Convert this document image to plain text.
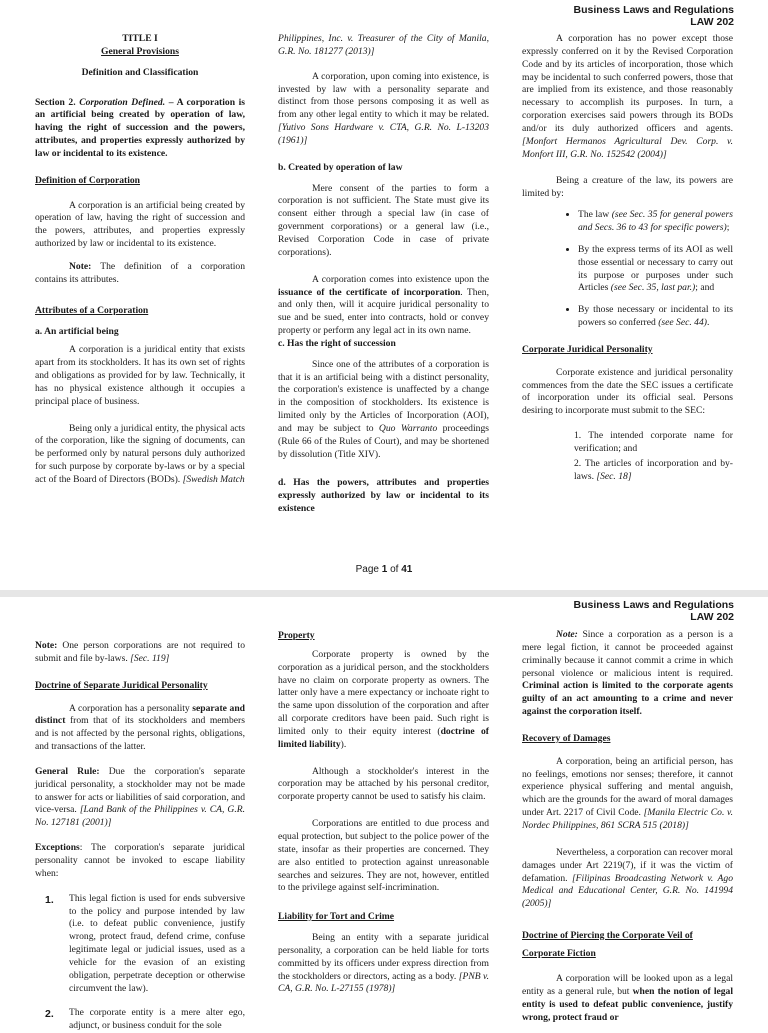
Business Laws and Regulations
LAW 202

TITLE I

General Provisions

Definition and Classification

Section 2. Corporation Defined. – A corporation is an artificial being created by operation of law, having the right of succession and the powers, attributes, and properties expressly authorized by law or incidental to its existence.

Definition of Corporation

A corporation is an artificial being created by operation of law, having the right of succession and the powers, attributes, and properties expressly authorized by law or incidental to its existence.

Note: The definition of a corporation contains its attributes.

Attributes of a Corporation

a. An artificial being

A corporation is a juridical entity that exists apart from its stockholders. It has its own set of rights and obligations as provided for by law. Technically, it has no physical existence although it occupies a principal place of business.

Being only a juridical entity, the physical acts of the corporation, like the signing of documents, can be performed only by natural persons duly authorized for such purpose by corporate by-laws or by a special act of the Board of Directors (BODs). [Swedish Match

Philippines, Inc. v. Treasurer of the City of Manila, G.R. No. 181277 (2013)]

A corporation, upon coming into existence, is invested by law with a personality separate and distinct from those persons composing it as well as from any other legal entity to which it may be related. [Yutivo Sons Hardware v. CTA, G.R. No. L-13203 (1961)]

b. Created by operation of law

Mere consent of the parties to form a corporation is not sufficient. The State must give its consent either through a special law (in case of government corporations) or a general law (i.e., Revised Corporation Code in case of private corporations).

A corporation comes into existence upon the issuance of the certificate of incorporation. Then, and only then, will it acquire juridical personality to sue and be sued, enter into contracts, hold or convey property or perform any legal act in its own name.

c. Has the right of succession

Since one of the attributes of a corporation is that it is an artificial being with a distinct personality, the corporation's existence is unaffected by a change in the composition of stockholders. Its existence is limited only by the Articles of Incorporation (AOI), and may be subject to Quo Warranto proceedings (Rule 66 of the Rules of Court), and may be shortened by dissolution (Title XIV).

d. Has the powers, attributes and properties expressly authorized by law or incidental to its existence

A corporation has no power except those expressly conferred on it by the Revised Corporation Code and by its articles of incorporation, those which may be incidental to such conferred powers, those that are implied from its existence, and those reasonably necessary to accomplish its purposes. In turn, a corporation exercises said powers through its BODs and/or its duly authorized officers and agents. [Monfort Hermanos Agricultural Dev. Corp. v. Monfort III, G.R. No. 152542 (2004)]

Being a creature of the law, its powers are limited by:

• The law (see Sec. 35 for general powers and Secs. 36 to 43 for specific powers);
• By the express terms of its AOI as well those essential or necessary to carry out its purpose or purposes under such Articles (see Sec. 35, last par.); and
• By those necessary or incidental to its powers so conferred (see Sec. 44).

Corporate Juridical Personality

Corporate existence and juridical personality commences from the date the SEC issues a certificate of incorporation under its official seal. Persons desiring to incorporate must submit to the SEC:

1. The intended corporate name for verification; and

2. The articles of incorporation and by-laws. [Sec. 18]

Page 1 of 41
Business Laws and Regulations
LAW 202

Note: One person corporations are not required to submit and file by-laws. [Sec. 119]

Doctrine of Separate Juridical Personality

A corporation has a personality separate and distinct from that of its stockholders and members and is not affected by the personal rights, obligations, and transactions of the latter.

General Rule: Due the corporation's separate juridical personality, a stockholder may not be made to answer for acts or liabilities of said corporation, and vice-versa. [Land Bank of the Philippines v. CA, G.R. No. 127181 (2001)]

Exceptions: The corporation's separate juridical personality cannot be invoked to escape liability when:

1. This legal fiction is used for ends subversive to the policy and purpose intended by law (i.e. to defeat public convenience, justify wrong, protect fraud, defend crime, confuse legitimate legal or judicial issues, used as a vehicle for the evasion of an existing obligation, perpetrate deception or otherwise circumvent the law).
2. The corporate entity is a mere alter ego, adjunct, or business conduit for the sole

Property

Corporate property is owned by the corporation as a juridical person, and the stockholders have no claim on corporate property as owners. The latter only have a mere expectancy or inchoate right to the same upon dissolution of the corporation and after all corporate creditors have been paid. Such right is limited only to their equity interest (doctrine of limited liability).

Although a stockholder's interest in the corporation may be attached by his personal creditor, corporate property cannot be used to satisfy his claim.

Corporations are entitled to due process and equal protection, but subject to the police power of the state, insofar as their properties are concerned. They are also entitled to protection against unreasonable searches and seizures. They are not, however, entitled to the privilege against self-incrimination.

Liability for Tort and Crime

Being an entity with a separate juridical personality, a corporation can be held liable for torts committed by its officers under express direction from the stockholders or directors, acting as a body. [PNB v. CA, G.R. No. L-27155 (1978)]

Note: Since a corporation as a person is a mere legal fiction, it cannot be proceeded against criminally because it cannot commit a crime in which personal violence or malicious intent is required. Criminal action is limited to the corporate agents guilty of an act amounting to a crime and never against the corporation itself.

Recovery of Damages

A corporation, being an artificial person, has no feelings, emotions nor senses; therefore, it cannot experience physical suffering and mental anguish, which are the grounds for the award of moral damages under Art. 2217 of Civil Code. [Manila Electric Co. v. Nordec Philippines, 861 SCRA 515 (2018)]

Nevertheless, a corporation can recover moral damages under Art 2219(7), if it was the victim of defamation. [Filipinas Broadcasting Network v. Ago Medical and Educational Center, G.R. No. 141994 (2005)]

Doctrine of Piercing the Corporate Veil of
Corporate Fiction

A corporation will be looked upon as a legal entity as a general rule, but when the notion of legal entity is used to defeat public convenience, justify wrong, protect fraud or
